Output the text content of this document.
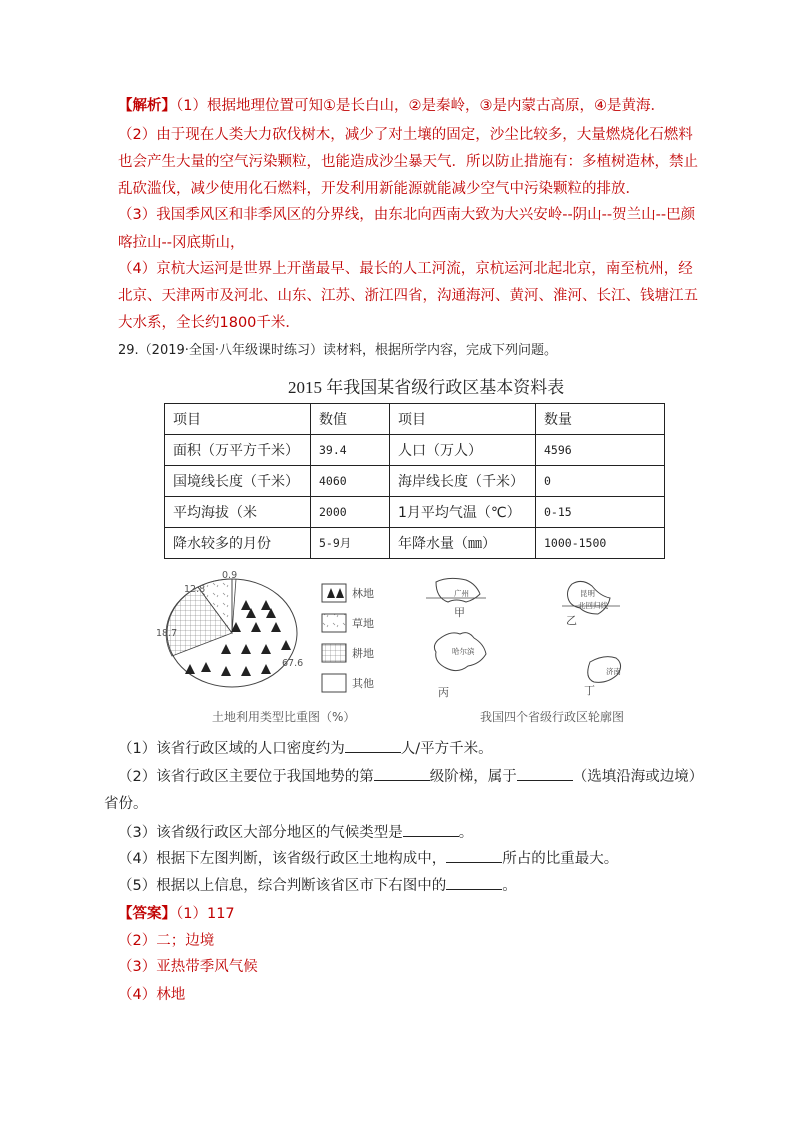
【解析】（1）根据地理位置可知①是长白山，②是秦岭，③是内蒙古高原，④是黄海．
（2）由于现在人类大力砍伐树木，减少了对土壤的固定，沙尘比较多，大量燃烧化石燃料
也会产生大量的空气污染颗粒，也能造成沙尘暴天气．所以防止措施有：多植树造林，禁止
乱砍滥伐，减少使用化石燃料，开发利用新能源就能减少空气中污染颗粒的排放．
（3）我国季风区和非季风区的分界线，由东北向西南大致为大兴安岭--阴山--贺兰山--巴颜
喀拉山--冈底斯山，
（4）京杭大运河是世界上开凿最早、最长的人工河流，京杭运河北起北京，南至杭州，经
北京、天津两市及河北、山东、江苏、浙江四省，沟通海河、黄河、淮河、长江、钱塘江五
大水系，全长约1800千米．
29.（2019·全国·八年级课时练习）读材料，根据所学内容，完成下列问题。
2015 年我国某省级行政区基本资料表
项目	数值	项目	数量
面积（万平方千米）	39.4	人口（万人）	4596
国境线长度（千米）	4060	海岸线长度（千米）	0
平均海拔（米	2000	1月平均气温（℃）	0-15
降水较多的月份	5-9月	年降水量（㎜）	1000-1500
0.9
12.8
18.7
67.6
林地
草地
耕地
其他
甲
乙
丙	丁
广州	昆明
哈尔滨
济南
北回归线
土地利用类型比重图（%）	我国四个省级行政区轮廓图
（1）该省行政区域的人口密度约为	人/平方千米。
（2）该省行政区主要位于我国地势的第	级阶梯，属于	（选填沿海或边境）
省份。
（3）该省级行政区大部分地区的气候类型是	。
（4）根据下左图判断，该省级行政区土地构成中，	所占的比重最大。
（5）根据以上信息，综合判断该省区市下右图中的	。
【答案】（1）117
（2）二；边境
（3）亚热带季风气候
（4）林地
